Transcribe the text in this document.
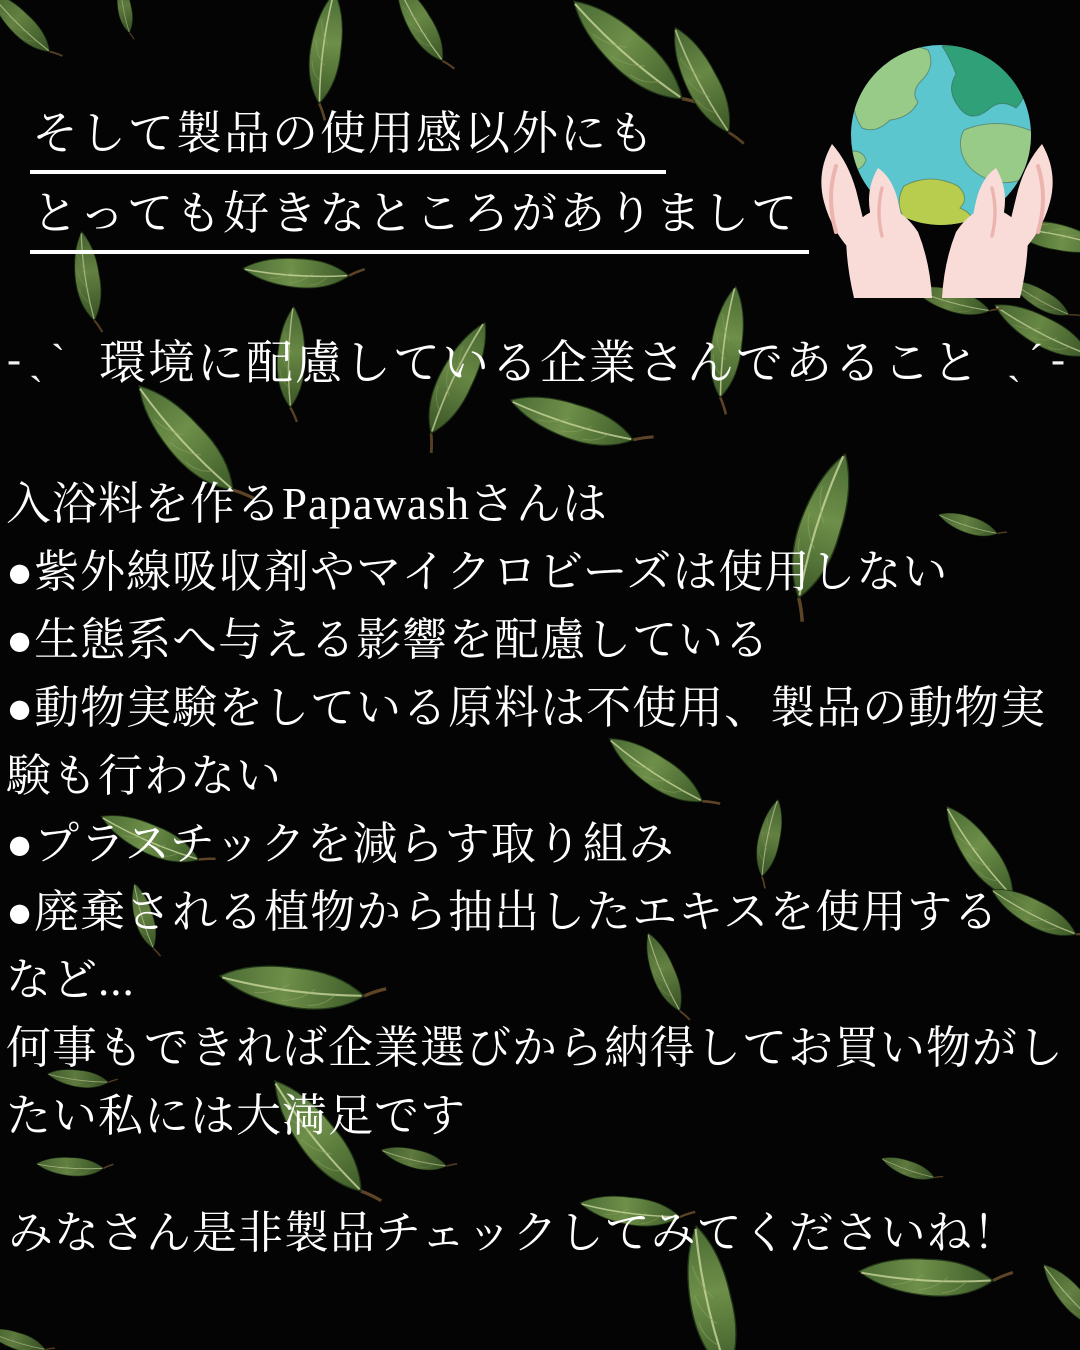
そして製品の使用感以外にも
とっても好きなところがありまして
-ˏ` 環境に配慮している企業さんであること ˏ´-
入浴料を作るPapawashさんは
●紫外線吸収剤やマイクロビーズは使用しない
●生態系へ与える影響を配慮している
●動物実験をしている原料は不使用、製品の動物実験も行わない
●プラスチックを減らす取り組み
●廃棄される植物から抽出したエキスを使用する
など...
何事もできれば企業選びから納得してお買い物がしたい私には大満足です
みなさん是非製品チェックしてみてくださいね！
